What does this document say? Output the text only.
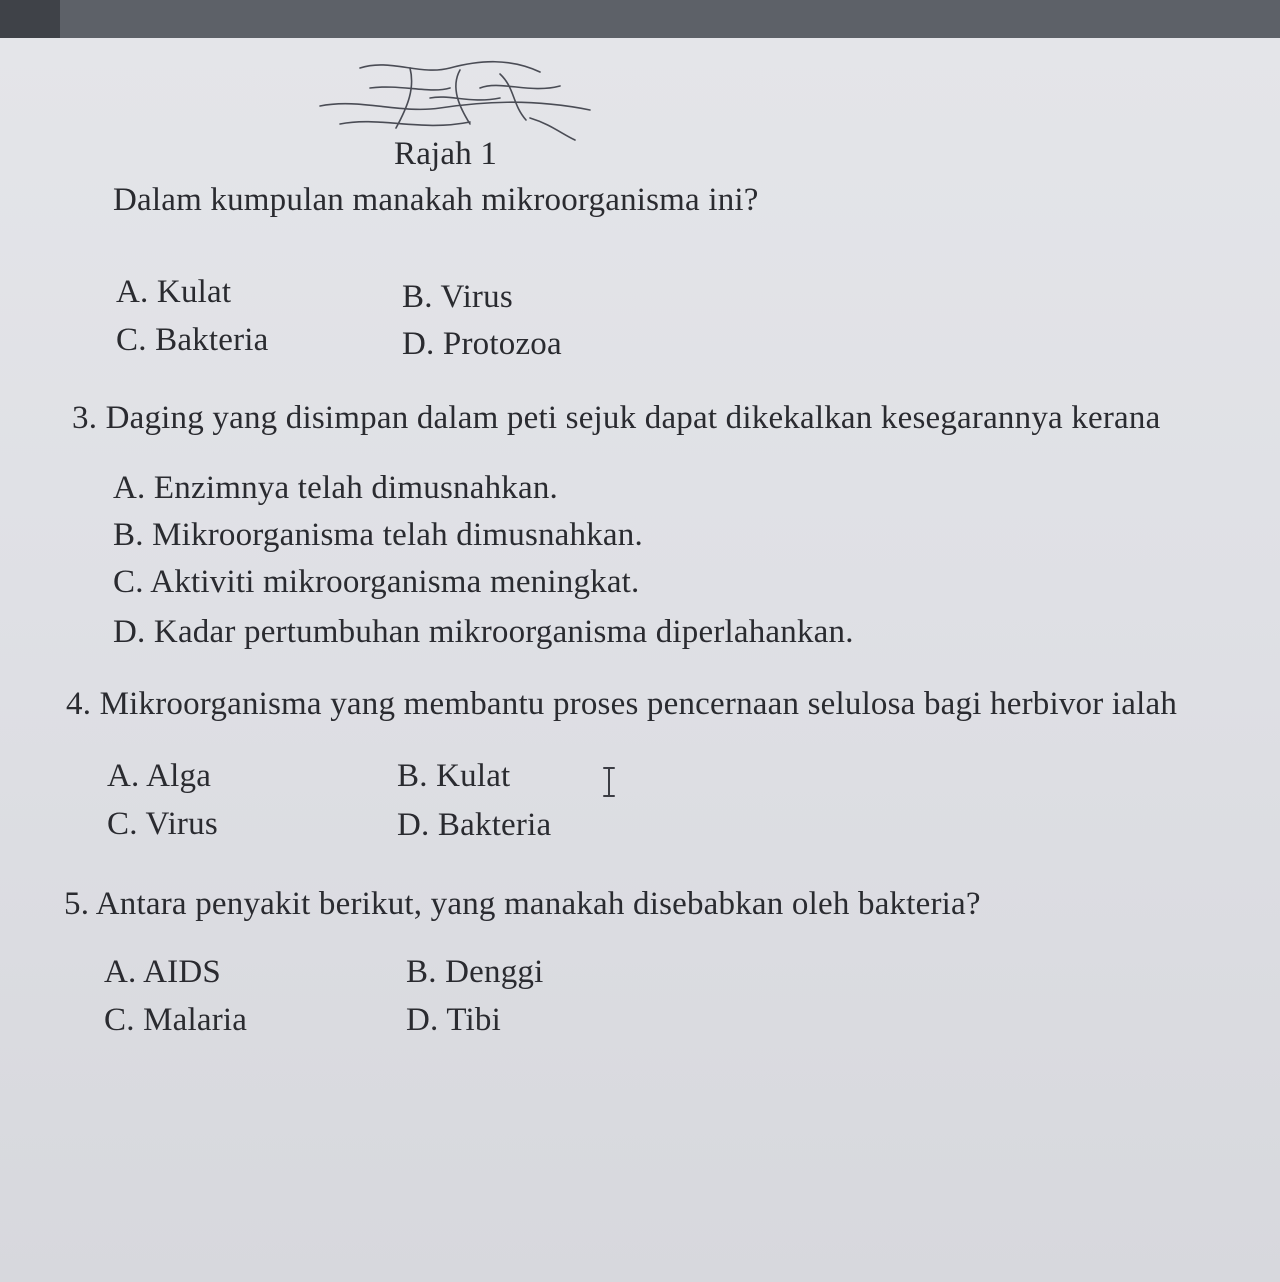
Rajah 1
Dalam kumpulan manakah mikroorganisma ini?
A. Kulat	B. Virus
C. Bakteria	D. Protozoa
3. Daging yang disimpan dalam peti sejuk dapat dikekalkan kesegarannya kerana
A. Enzimnya telah dimusnahkan.
B. Mikroorganisma telah dimusnahkan.
C. Aktiviti mikroorganisma meningkat.
D. Kadar pertumbuhan mikroorganisma diperlahankan.
4. Mikroorganisma yang membantu proses pencernaan selulosa bagi herbivor ialah
A. Alga	B. Kulat
C. Virus	D. Bakteria
5. Antara penyakit berikut, yang manakah disebabkan oleh bakteria?
A. AIDS	B. Denggi
C. Malaria	D. Tibi
